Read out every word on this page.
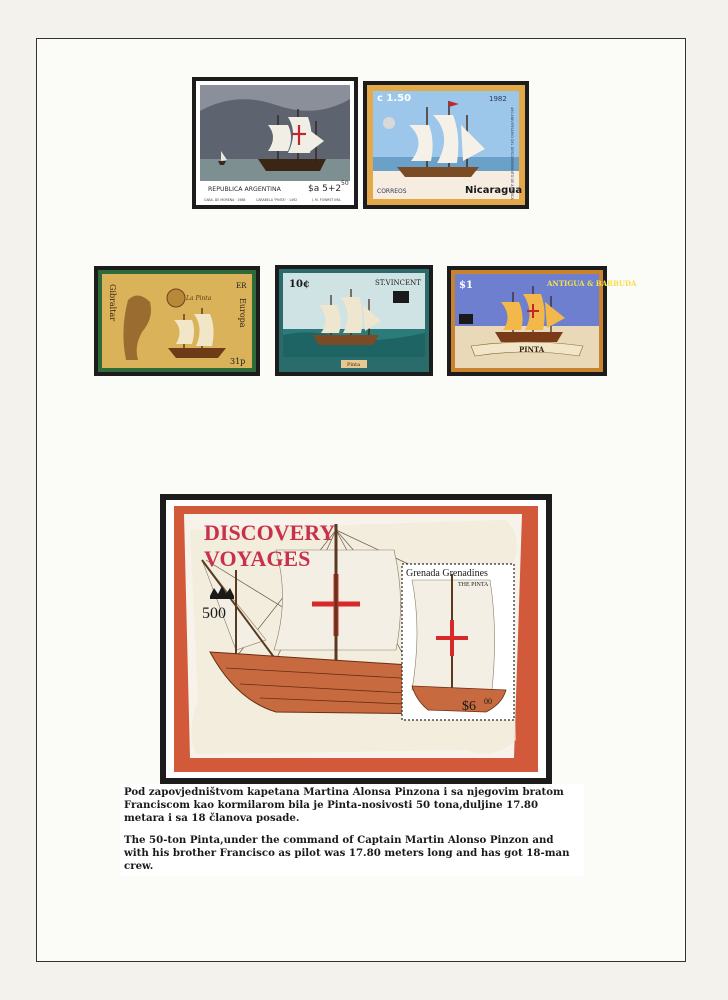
REPUBLICA ARGENTINA	$a 5+2
50
CABA. DE MORENA · 1988	CARABELA "PINTA" · 1492	J. M. FOWRET IMA.
c 1.50	1982
CORREOS	Nicaragua
490 ANIVERSARIO DEL DESCUBRIMIENTO DE AMERICA
La Pinta
ER
Gibraltar	Europa
31p
10¢	ST.VINCENT
Pinta
PINTA
$1	ANTIGUA & BARBUDA
Grenada Grenadines
THE PINTA
$6 00
DISCOVERY
VOYAGES
500

Pod zapovjedništvom kapetana Martina Alonsa Pinzona i sa njegovim bratom Franciscom kao kormilarom bila je Pinta-nosivosti 50 tona,duljine 17.80 metara i sa 18 članova posade.

The 50-ton Pinta,under the command of Captain Martin Alonso Pinzon and with his brother Francisco as pilot was 17.80 meters long and has got 18-man crew.
